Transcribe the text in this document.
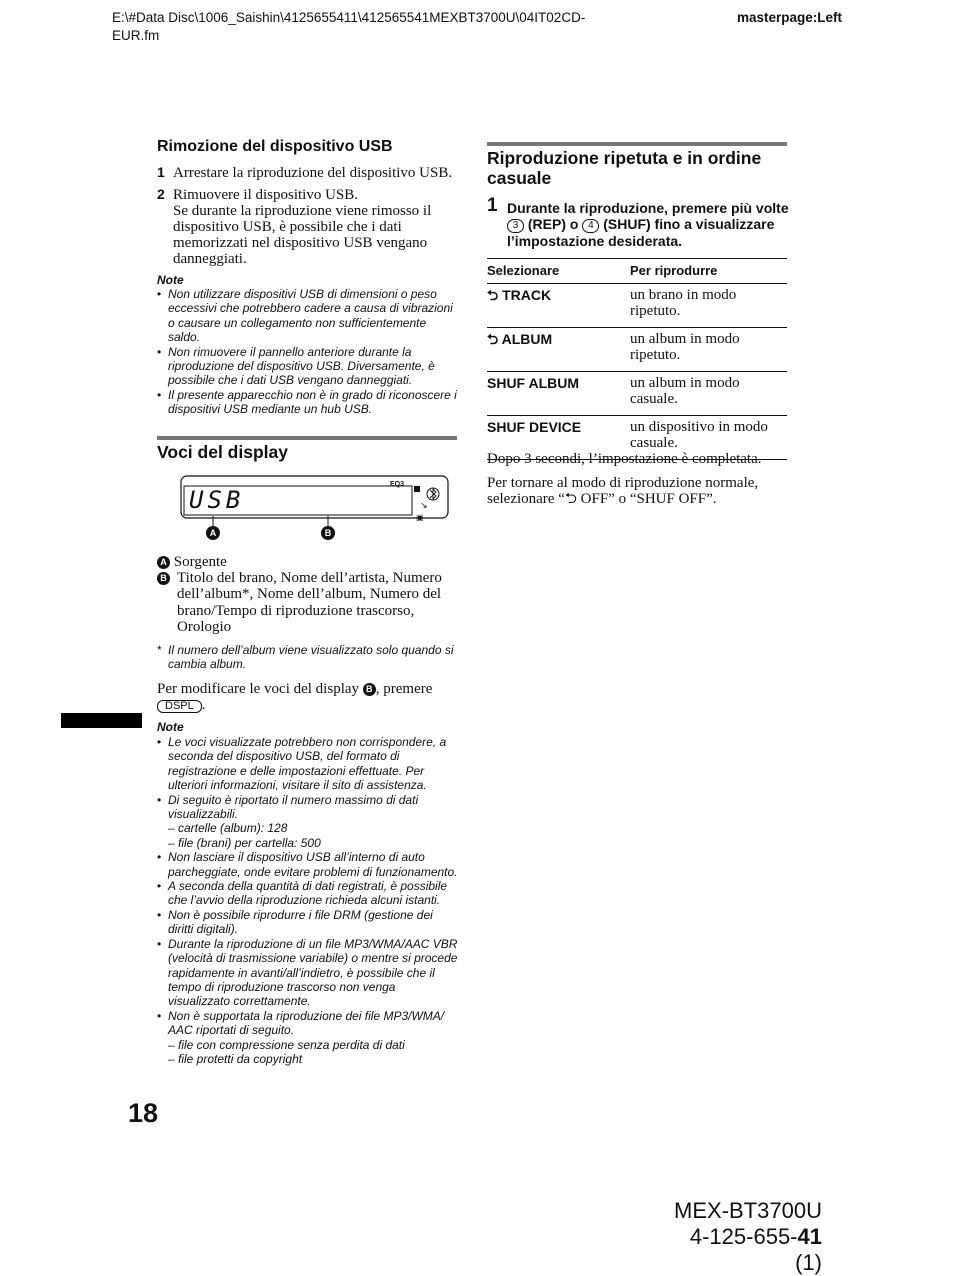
E:\#Data Disc\1006_Saishin\4125655411\412565541MEXBT3700U\04IT02CD-EUR.fm
masterpage:Left
Rimozione del dispositivo USB
1 Arrestare la riproduzione del dispositivo USB.
2 Rimuovere il dispositivo USB.
Se durante la riproduzione viene rimosso il dispositivo USB, è possibile che i dati memorizzati nel dispositivo USB vengano danneggiati.
Note
• Non utilizzare dispositivi USB di dimensioni o peso eccessivi che potrebbero cadere a causa di vibrazioni o causare un collegamento non sufficientemente saldo.
• Non rimuovere il pannello anteriore durante la riproduzione del dispositivo USB. Diversamente, è possibile che i dati USB vengano danneggiati.
• Il presente apparecchio non è in grado di riconoscere i dispositivi USB mediante un hub USB.
Voci del display
EQ3
↘
▣
A	B
USB
A Sorgente
B Titolo del brano, Nome dell’artista, Numero dell’album*, Nome dell’album, Numero del brano/Tempo di riproduzione trascorso, Orologio
* Il numero dell’album viene visualizzato solo quando si cambia album.
Per modificare le voci del display B , premere
DSPL .
Note
• Le voci visualizzate potrebbero non corrispondere, a seconda del dispositivo USB, del formato di registrazione e delle impostazioni effettuate. Per ulteriori informazioni, visitare il sito di assistenza.
• Di seguito è riportato il numero massimo di dati visualizzabili.
– cartelle (album): 128
– file (brani) per cartella: 500
• Non lasciare il dispositivo USB all’interno di auto parcheggiate, onde evitare problemi di funzionamento.
• A seconda della quantità di dati registrati, è possibile che l’avvio della riproduzione richieda alcuni istanti.
• Non è possibile riprodurre i file DRM (gestione dei diritti digitali).
• Durante la riproduzione di un file MP3/WMA/AAC VBR (velocità di trasmissione variabile) o mentre si procede rapidamente in avanti/all’indietro, è possibile che il tempo di riproduzione trascorso non venga visualizzato correttamente.
• Non è supportata la riproduzione dei file MP3/WMA/ AAC riportati di seguito.
– file con compressione senza perdita di dati
– file protetti da copyright
Riproduzione ripetuta e in ordine casuale
1 Durante la riproduzione, premere più volte 3 (REP) o 4 (SHUF) fino a visualizzare l’impostazione desiderata.
Selezionare	Per riprodurre
⮌ TRACK	un brano in modo ripetuto.
⮌ ALBUM	un album in modo ripetuto.
SHUF ALBUM	un album in modo casuale.
SHUF DEVICE	un dispositivo in modo casuale.
Dopo 3 secondi, l’impostazione è completata.
Per tornare al modo di riproduzione normale, selezionare “⮌ OFF” o “SHUF OFF”.
18
MEX-BT3700U
4-125-655-41 (1)
